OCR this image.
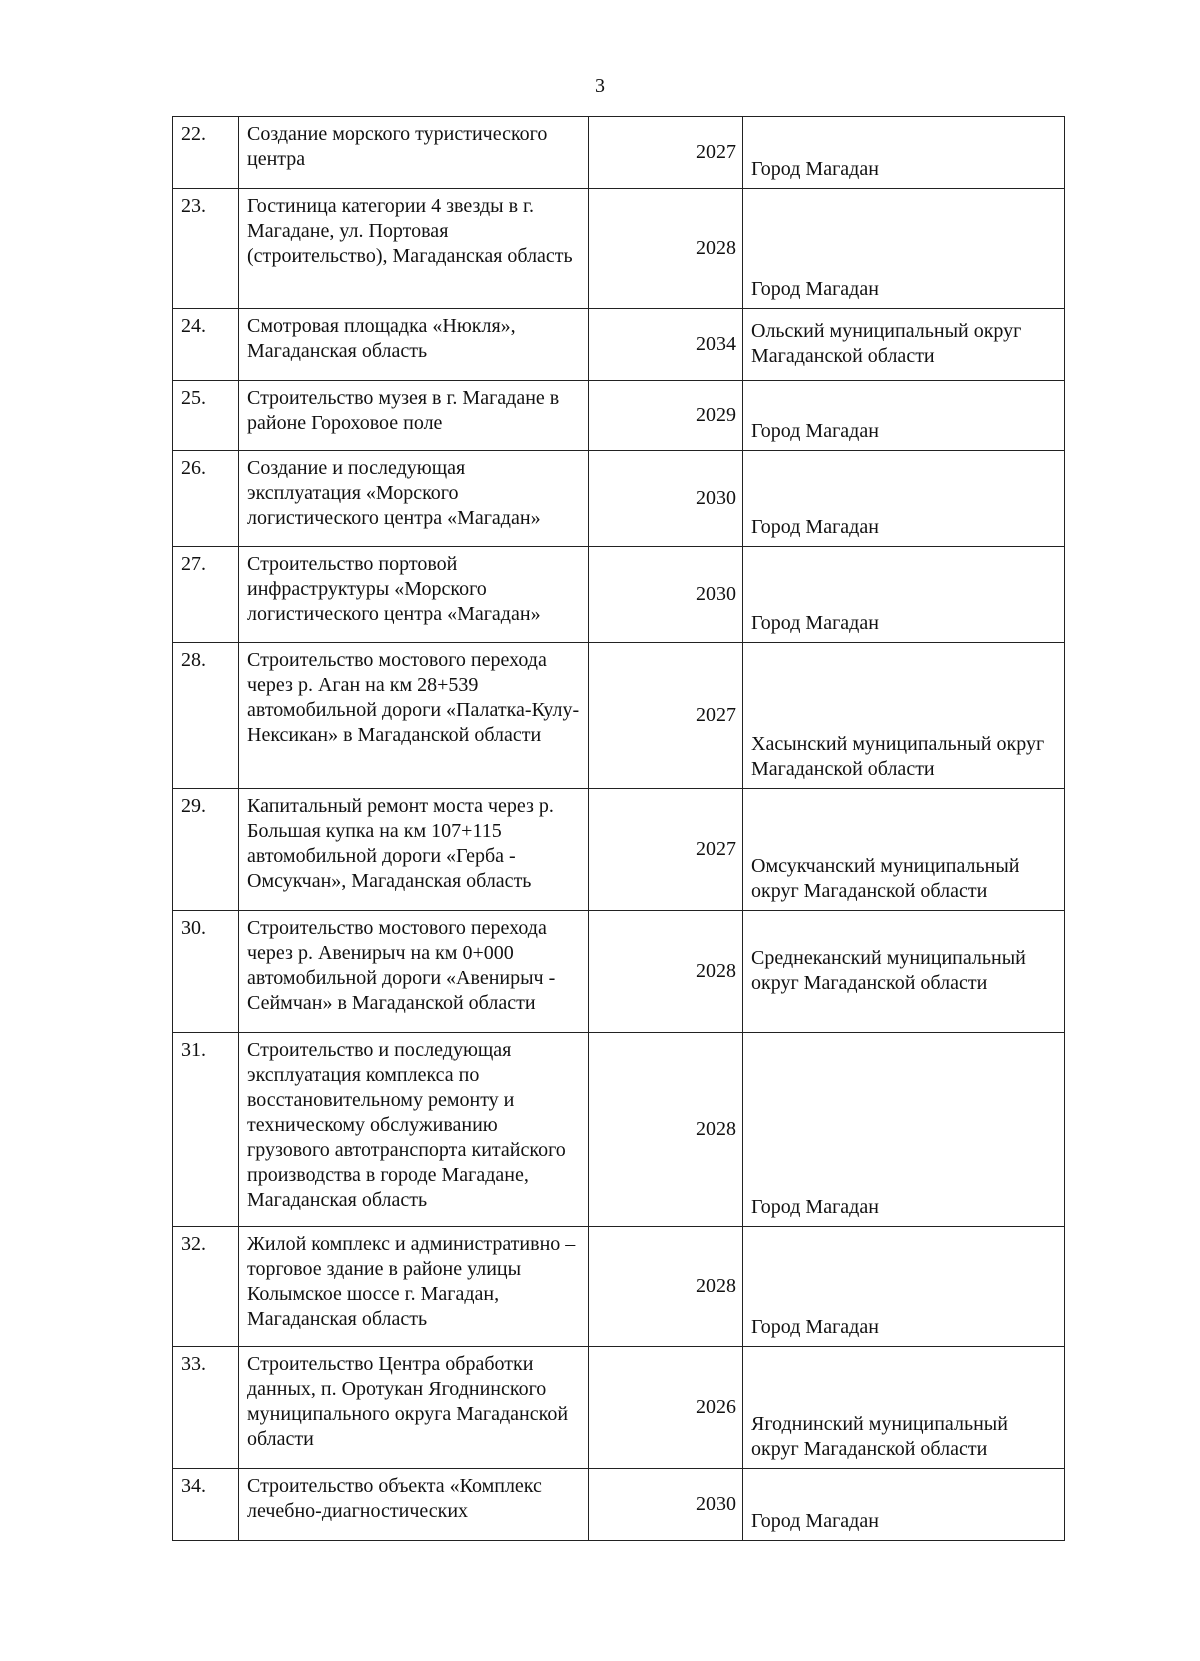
3
22.	Создание морского туристического центра	2027	Город Магадан
23.	Гостиница категории 4 звезды в г. Магадане, ул. Портовая (строительство), Магаданская область	2028	Город Магадан
24.	Смотровая площадка «Нюкля», Магаданская область	2034	Ольский муниципальный округ Магаданской области
25.	Строительство музея в г. Магадане в районе Гороховое поле	2029	Город Магадан
26.	Создание и последующая эксплуатация «Морского логистического центра «Магадан»	2030	Город Магадан
27.	Строительство портовой инфраструктуры «Морского логистического центра «Магадан»	2030	Город Магадан
28.	Строительство мостового перехода через р. Аган на км 28+539 автомобильной дороги «Палатка-Кулу-Нексикан» в Магаданской области	2027	Хасынский муниципальный округ Магаданской области
29.	Капитальный ремонт моста через р. Большая купка на км 107+115 автомобильной дороги «Герба - Омсукчан», Магаданская область	2027	Омсукчанский муниципальный округ Магаданской области
30.	Строительство мостового перехода через р. Авенирыч на км 0+000 автомобильной дороги «Авенирыч - Сеймчан» в Магаданской области	2028	Среднеканский муниципальный округ Магаданской области
31.	Строительство и последующая эксплуатация комплекса по восстановительному ремонту и техническому обслуживанию грузового автотранспорта китайского производства в городе Магадане, Магаданская область	2028	Город Магадан
32.	Жилой комплекс и административно – торговое здание в районе улицы Колымское шоссе г. Магадан, Магаданская область	2028	Город Магадан
33.	Строительство Центра обработки данных, п. Оротукан Ягоднинского муниципального округа Магаданской области	2026	Ягоднинский муниципальный округ Магаданской области
34.	Строительство объекта «Комплекс лечебно-диагностических	2030	Город Магадан
